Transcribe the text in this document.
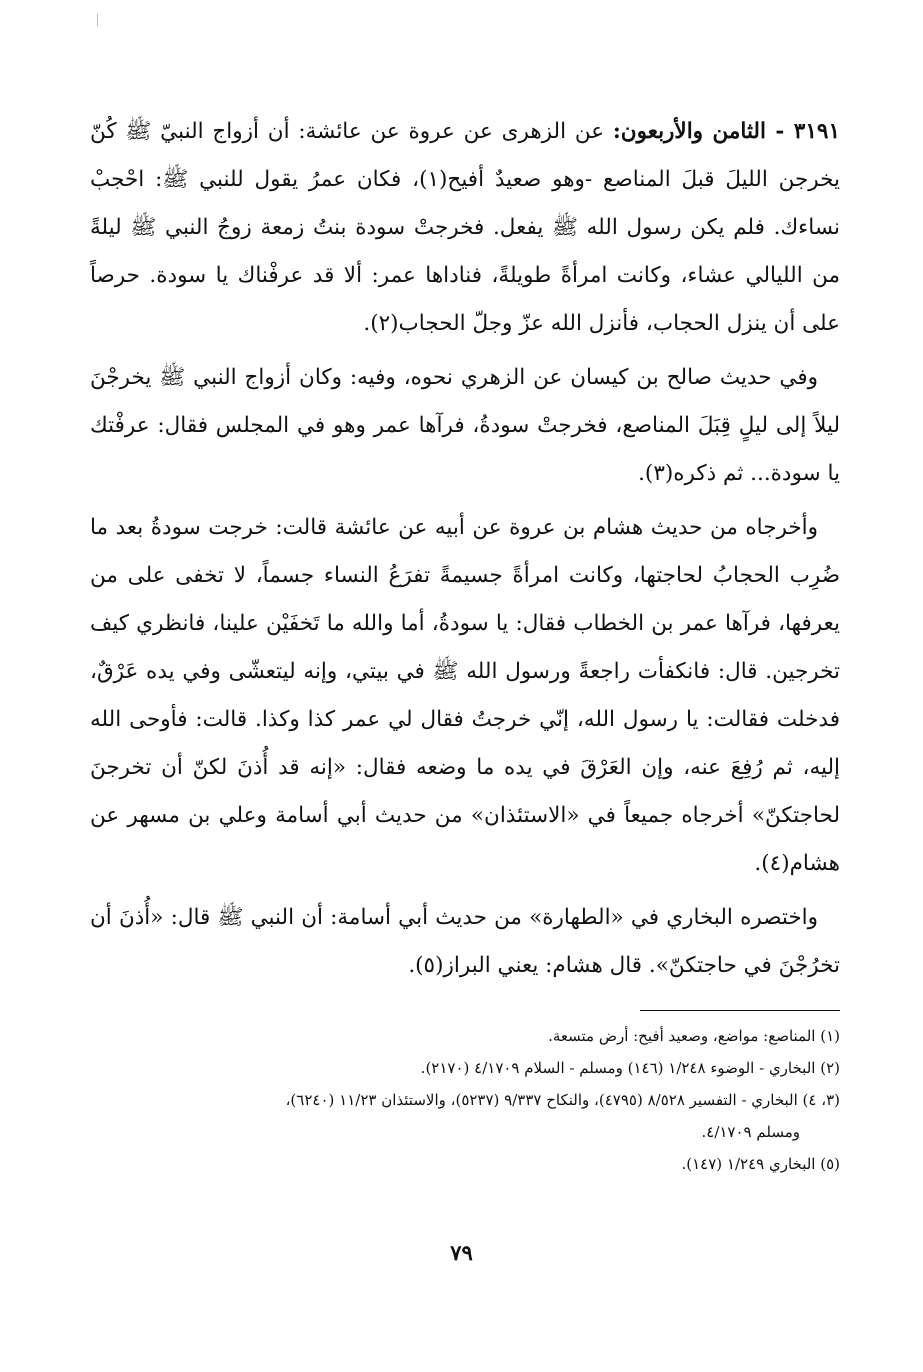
٣١٩١ - الثامن والأربعون: عن الزهرى عن عروة عن عائشة: أن أزواج النبيّ ﷺ كُنّ يخرجن الليلَ قبلَ المناصع -وهو صعيدٌ أفيح(١)، فكان عمرُ يقول للنبي ﷺ: احْجبْ نساءك. فلم يكن رسول الله ﷺ يفعل. فخرجتْ سودة بنتُ زمعة زوجُ النبي ﷺ ليلةً من الليالي عشاء، وكانت امرأةً طويلةً، فناداها عمر: ألا قد عرفْناك يا سودة. حرصاً على أن ينزل الحجاب، فأنزل الله عزّ وجلّ الحجاب(٢).

وفي حديث صالح بن كيسان عن الزهري نحوه، وفيه: وكان أزواج النبي ﷺ يخرجْنَ ليلاً إلى ليلٍ قِبَلَ المناصع، فخرجتْ سودةُ، فرآها عمر وهو في المجلس فقال: عرفْتك يا سودة... ثم ذكره(٣).

وأخرجاه من حديث هشام بن عروة عن أبيه عن عائشة قالت: خرجت سودةُ بعد ما ضُرِب الحجابُ لحاجتها، وكانت امرأةً جسيمةً تفرَعُ النساء جسماً، لا تخفى على من يعرفها، فرآها عمر بن الخطاب فقال: يا سودةُ، أما والله ما تَخفَيْن علينا، فانظري كيف تخرجين. قال: فانكفأت راجعةً ورسول الله ﷺ في بيتي، وإنه ليتعشّى وفي يده عَرْقٌ، فدخلت فقالت: يا رسول الله، إنّي خرجتُ فقال لي عمر كذا وكذا. قالت: فأوحى الله إليه، ثم رُفِعَ عنه، وإن العَرْقَ في يده ما وضعه فقال: «إنه قد أُذنَ لكنّ أن تخرجنَ لحاجتكنّ» أخرجاه جميعاً في «الاستئذان» من حديث أبي أسامة وعلي بن مسهر عن هشام(٤).

واختصره البخاري في «الطهارة» من حديث أبي أسامة: أن النبي ﷺ قال: «أُذنَ أن تخرُجْنَ في حاجتكنّ». قال هشام: يعني البراز(٥).

(١) المناصع: مواضع، وصعيد أفيح: أرض متسعة.

(٢) البخاري - الوضوء ١/٢٤٨ (١٤٦) ومسلم - السلام ٤/١٧٠٩ (٢١٧٠).

(٣، ٤) البخاري - التفسير ٨/٥٢٨ (٤٧٩٥)، والنكاح ٩/٣٣٧ (٥٢٣٧)، والاستئذان ١١/٢٣ (٦٢٤٠)،

ومسلم ٤/١٧٠٩.

(٥) البخاري ١/٢٤٩ (١٤٧).

٧٩
